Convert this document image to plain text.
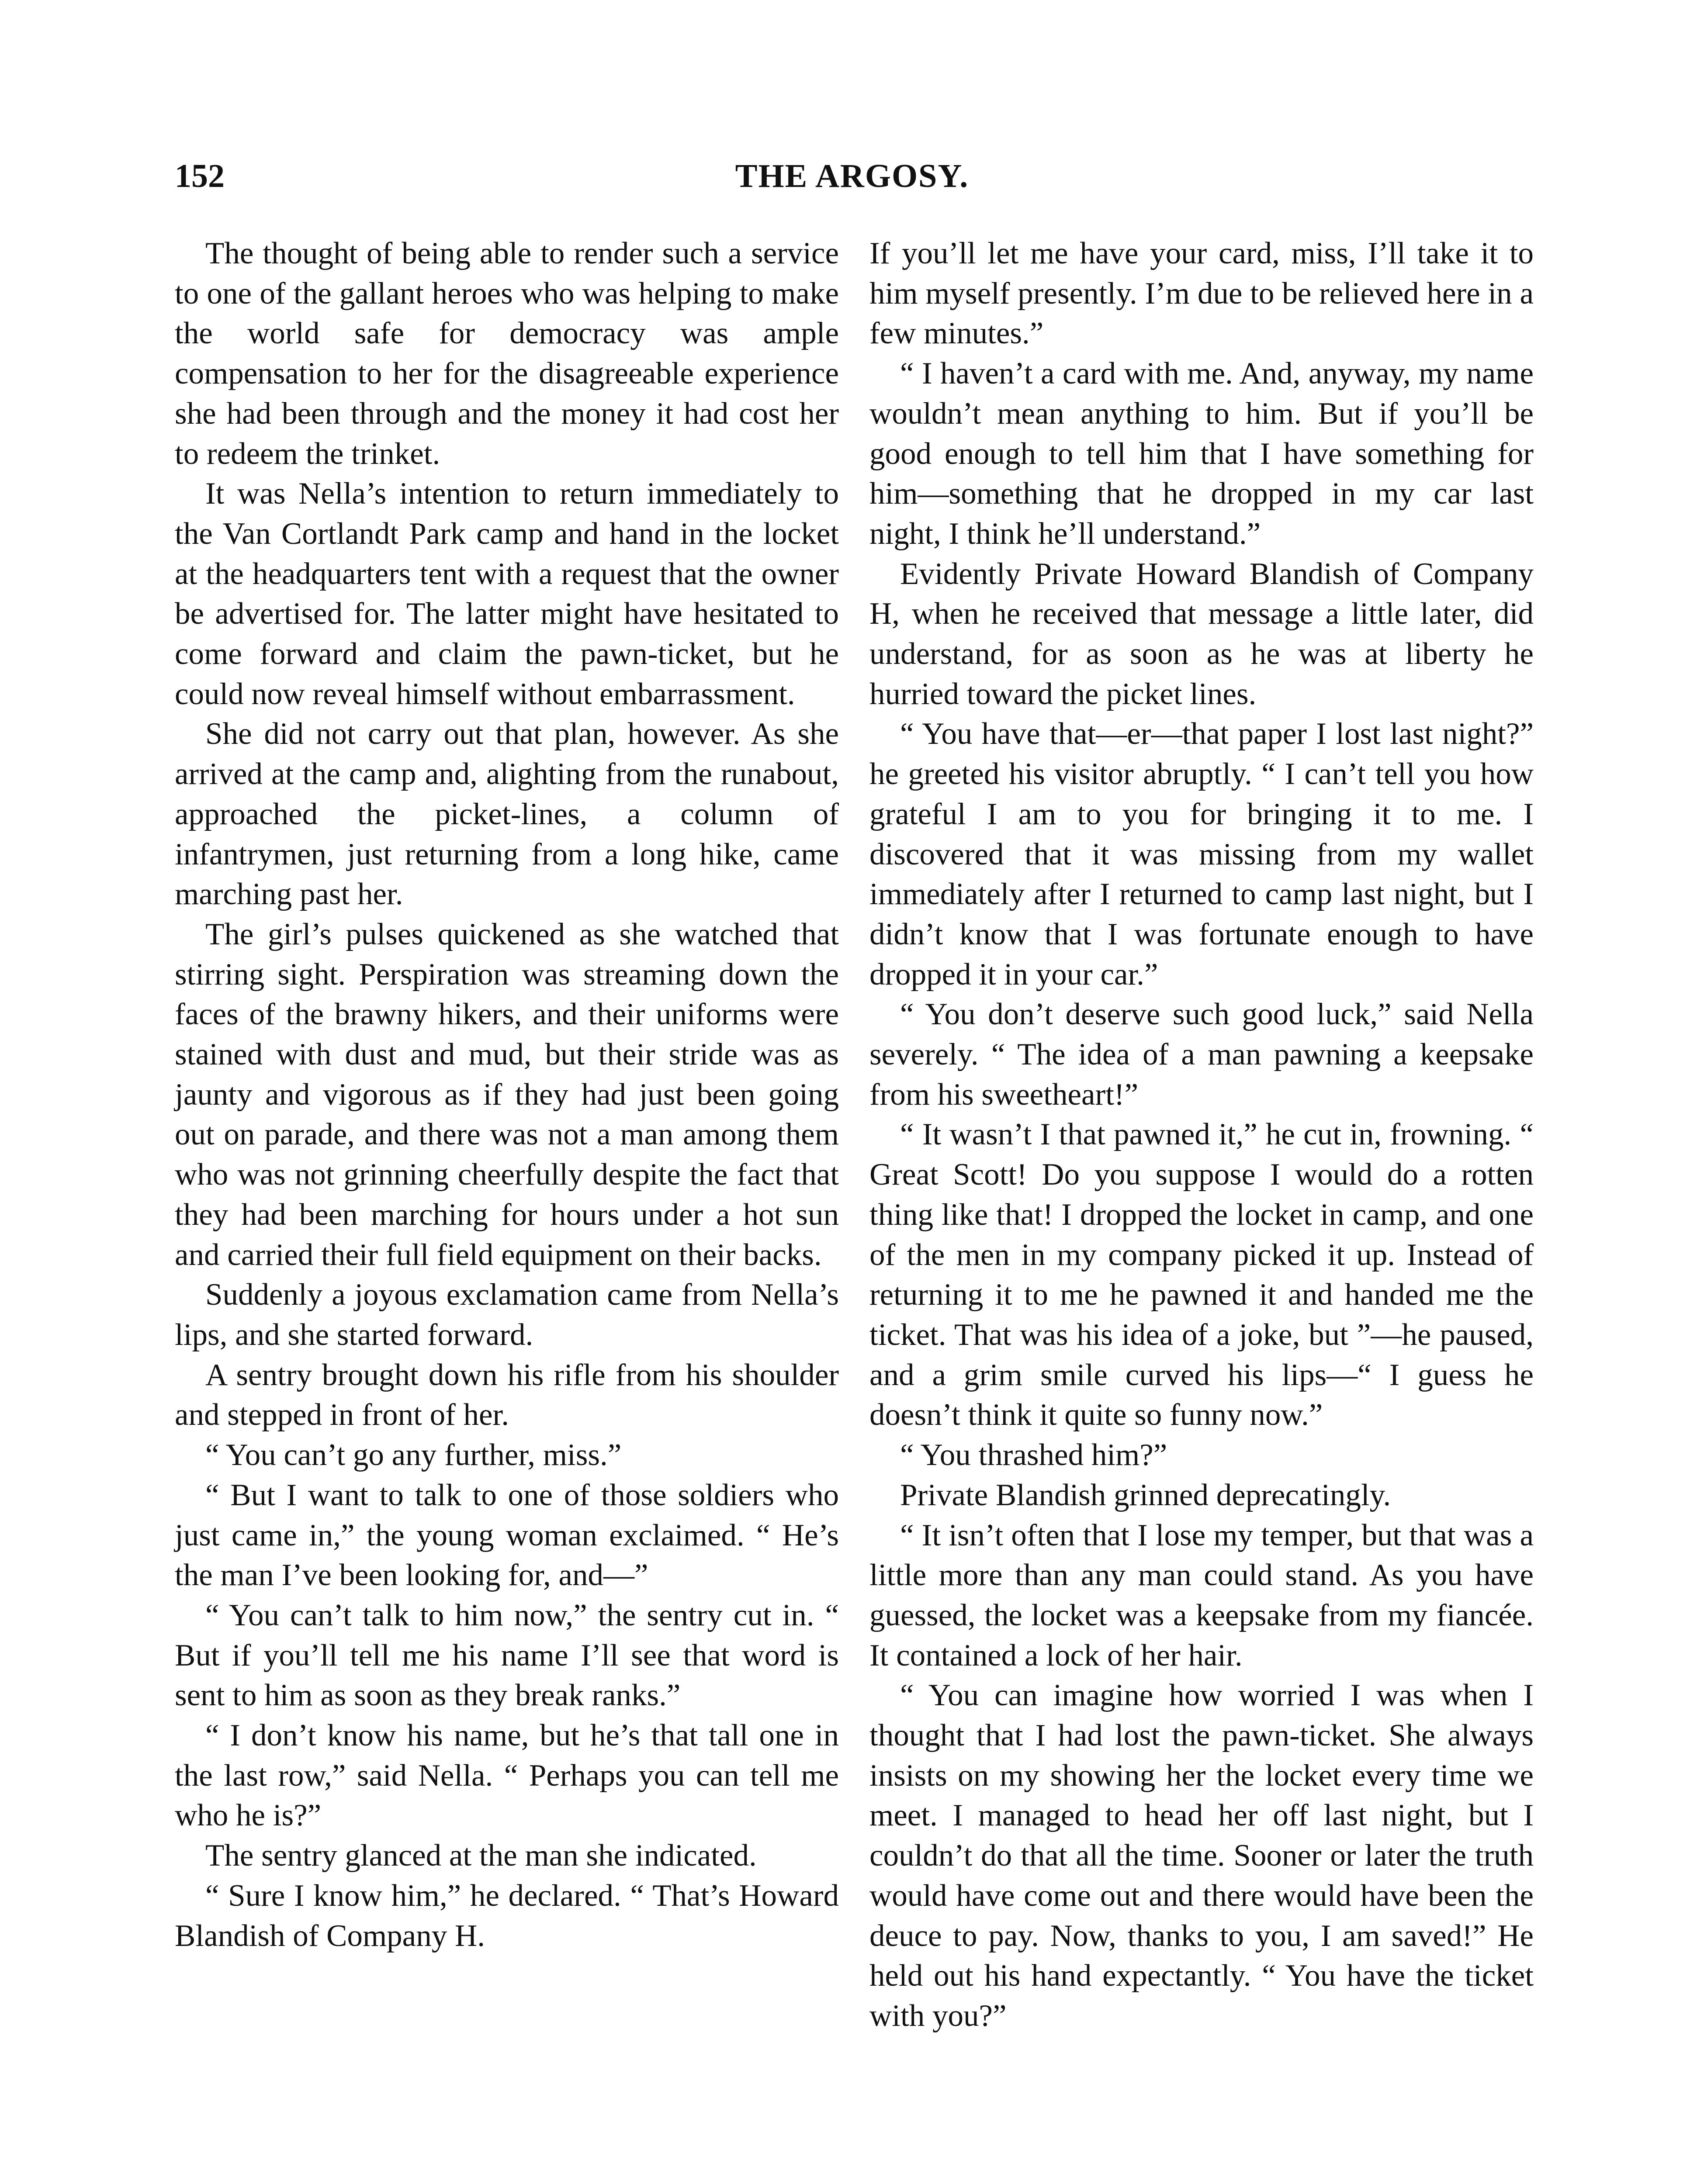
152	THE ARGOSY.

The thought of being able to render such a service to one of the gallant heroes who was helping to make the world safe for democracy was ample compensation to her for the disagreeable experience she had been through and the money it had cost her to redeem the trinket.

It was Nella’s intention to return immediately to the Van Cortlandt Park camp and hand in the locket at the headquarters tent with a request that the owner be advertised for. The latter might have hesitated to come forward and claim the pawn-ticket, but he could now reveal himself without embarrassment.

She did not carry out that plan, however. As she arrived at the camp and, alighting from the runabout, approached the picket-lines, a column of infantrymen, just returning from a long hike, came marching past her.

The girl’s pulses quickened as she watched that stirring sight. Perspiration was streaming down the faces of the brawny hikers, and their uniforms were stained with dust and mud, but their stride was as jaunty and vigorous as if they had just been going out on parade, and there was not a man among them who was not grinning cheerfully despite the fact that they had been marching for hours under a hot sun and carried their full field equipment on their backs.

Suddenly a joyous exclamation came from Nella’s lips, and she started forward.

A sentry brought down his rifle from his shoulder and stepped in front of her.

“ You can’t go any further, miss.”

“ But I want to talk to one of those soldiers who just came in,” the young woman exclaimed. “ He’s the man I’ve been looking for, and—”

“ You can’t talk to him now,” the sentry cut in. “ But if you’ll tell me his name I’ll see that word is sent to him as soon as they break ranks.”

“ I don’t know his name, but he’s that tall one in the last row,” said Nella. “ Perhaps you can tell me who he is?”

The sentry glanced at the man she indicated.

“ Sure I know him,” he declared. “ That’s Howard Blandish of Company H.

If you’ll let me have your card, miss, I’ll take it to him myself presently. I’m due to be relieved here in a few minutes.”

“ I haven’t a card with me. And, anyway, my name wouldn’t mean anything to him. But if you’ll be good enough to tell him that I have something for him—something that he dropped in my car last night, I think he’ll understand.”

Evidently Private Howard Blandish of Company H, when he received that message a little later, did understand, for as soon as he was at liberty he hurried toward the picket lines.

“ You have that—er—that paper I lost last night?” he greeted his visitor abruptly. “ I can’t tell you how grateful I am to you for bringing it to me. I discovered that it was missing from my wallet immediately after I returned to camp last night, but I didn’t know that I was fortunate enough to have dropped it in your car.”

“ You don’t deserve such good luck,” said Nella severely. “ The idea of a man pawning a keepsake from his sweetheart!”

“ It wasn’t I that pawned it,” he cut in, frowning. “ Great Scott! Do you suppose I would do a rotten thing like that! I dropped the locket in camp, and one of the men in my company picked it up. Instead of returning it to me he pawned it and handed me the ticket. That was his idea of a joke, but ”—he paused, and a grim smile curved his lips—“ I guess he doesn’t think it quite so funny now.”

“ You thrashed him?”

Private Blandish grinned deprecatingly.

“ It isn’t often that I lose my temper, but that was a little more than any man could stand. As you have guessed, the locket was a keepsake from my fiancée. It contained a lock of her hair.

“ You can imagine how worried I was when I thought that I had lost the pawn-ticket. She always insists on my showing her the locket every time we meet. I managed to head her off last night, but I couldn’t do that all the time. Sooner or later the truth would have come out and there would have been the deuce to pay. Now, thanks to you, I am saved!” He held out his hand expectantly. “ You have the ticket with you?”
